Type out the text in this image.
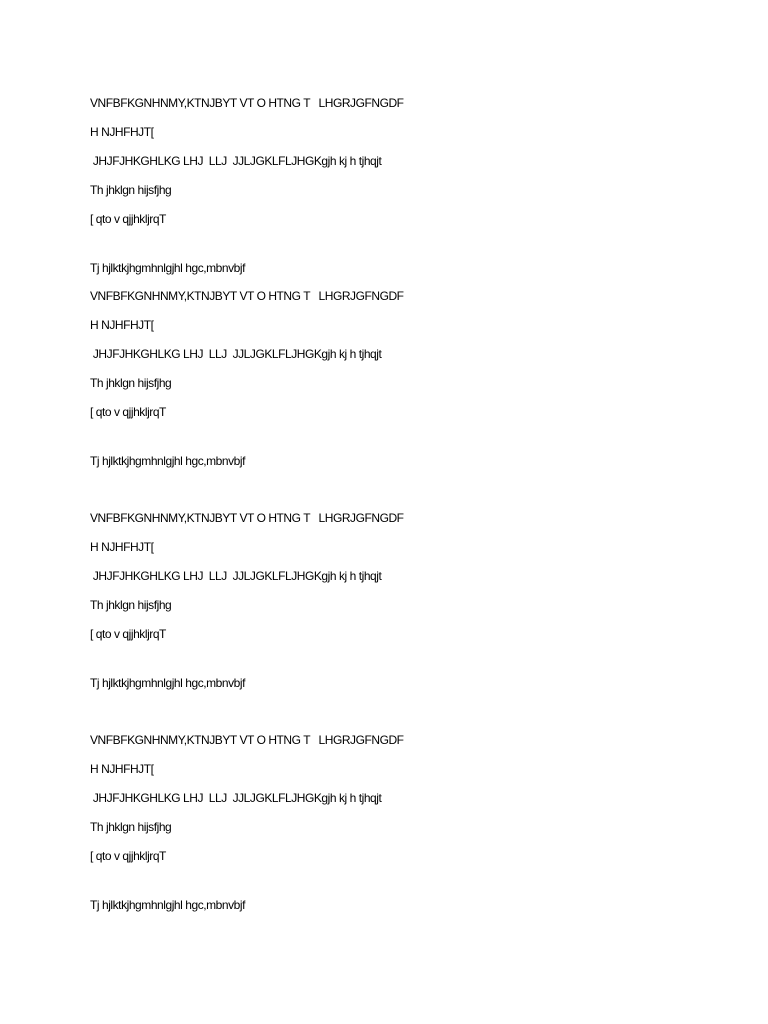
VNFBFKGNHNMY,KTNJBYT VT O HTNG T   LHGRJGFNGDF
H NJHFHJT[
JHJFJHKGHLKG LHJ  LLJ  JJLJGKLFLJHGKgjh kj h tjhqjt
Th jhklgn hijsfjhg
[ qto v qjjhkljrqT
Tj hjlktkjhgmhnlgjhl hgc,mbnvbjf
VNFBFKGNHNMY,KTNJBYT VT O HTNG T   LHGRJGFNGDF
H NJHFHJT[
JHJFJHKGHLKG LHJ  LLJ  JJLJGKLFLJHGKgjh kj h tjhqjt
Th jhklgn hijsfjhg
[ qto v qjjhkljrqT
Tj hjlktkjhgmhnlgjhl hgc,mbnvbjf
VNFBFKGNHNMY,KTNJBYT VT O HTNG T   LHGRJGFNGDF
H NJHFHJT[
JHJFJHKGHLKG LHJ  LLJ  JJLJGKLFLJHGKgjh kj h tjhqjt
Th jhklgn hijsfjhg
[ qto v qjjhkljrqT
Tj hjlktkjhgmhnlgjhl hgc,mbnvbjf
VNFBFKGNHNMY,KTNJBYT VT O HTNG T   LHGRJGFNGDF
H NJHFHJT[
JHJFJHKGHLKG LHJ  LLJ  JJLJGKLFLJHGKgjh kj h tjhqjt
Th jhklgn hijsfjhg
[ qto v qjjhkljrqT
Tj hjlktkjhgmhnlgjhl hgc,mbnvbjf
